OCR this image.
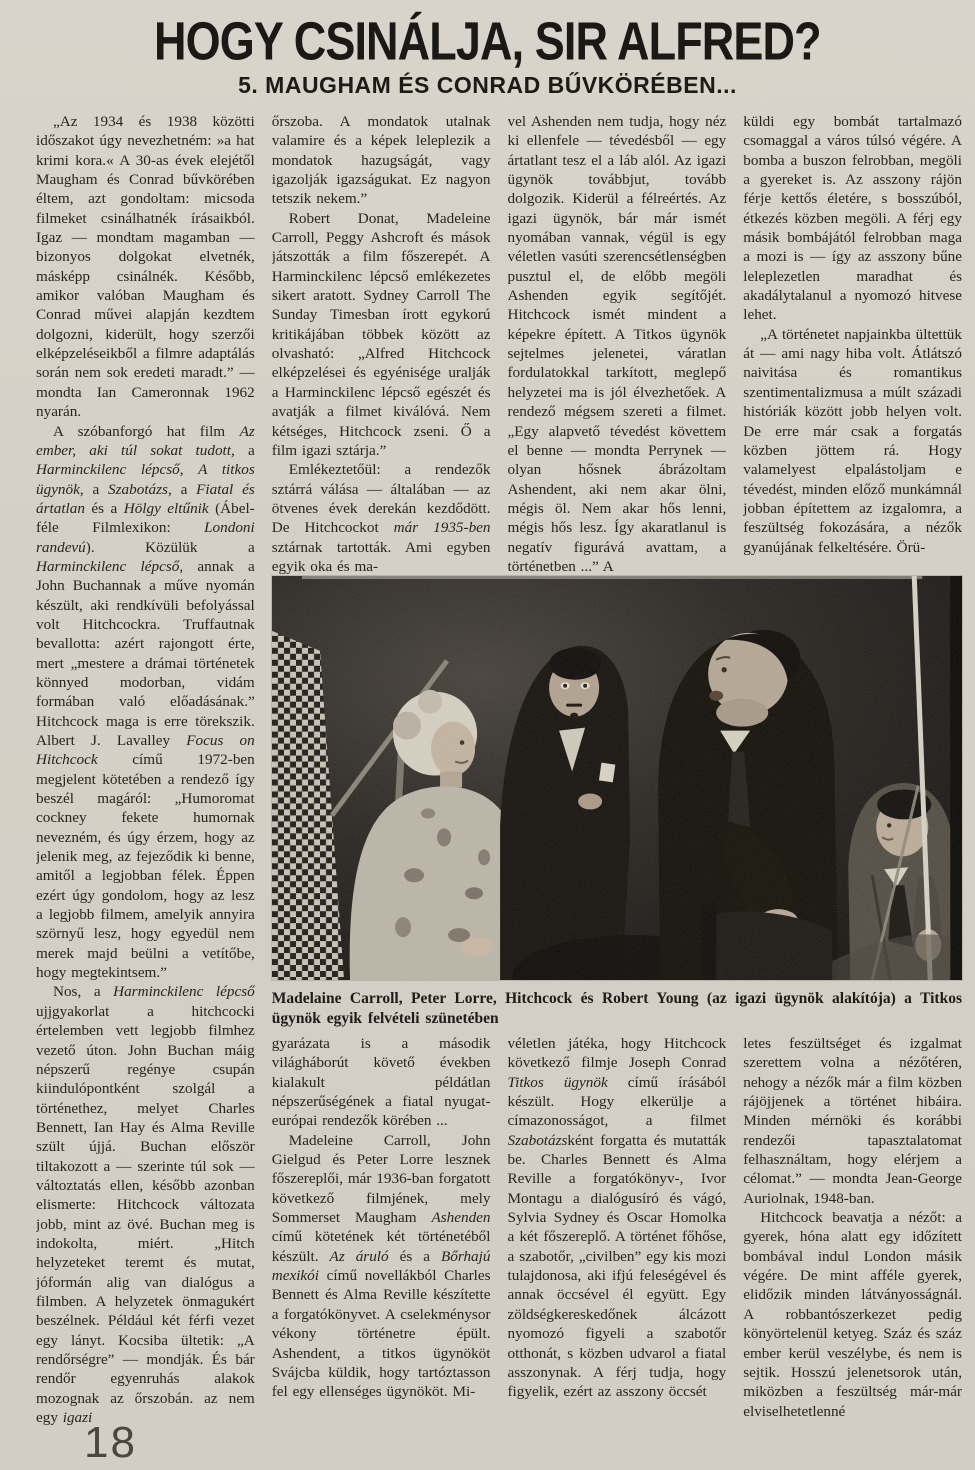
HOGY CSINÁLJA, SIR ALFRED?

5. MAUGHAM ÉS CONRAD BŰVKÖRÉBEN...

„Az 1934 és 1938 közötti időszakot úgy nevezhetném: »a hat krimi kora.« A 30-as évek elejétől Maugham és Conrad bűvkörében éltem, azt gondoltam: micsoda filmeket csinálhatnék írásaikból. Igaz — mondtam magamban — bizonyos dolgokat elvetnék, másképp csinálnék. Később, amikor valóban Maugham és Conrad művei alapján kezdtem dolgozni, kiderült, hogy szerzői elképzeléseikből a filmre adaptálás során nem sok eredeti maradt.” — mondta Ian Cameronnak 1962 nyarán.

A szóbanforgó hat film Az ember, aki túl sokat tudott, a Harminckilenc lépcső, A titkos ügynök, a Szabotázs, a Fiatal és ártatlan és a Hölgy eltűnik (Ábel-féle Filmlexikon: Londoni randevú). Közülük a Harminckilenc lépcső, annak a John Buchannak a műve nyomán készült, aki rendkívüli befolyással volt Hitchcockra. Truffautnak bevallotta: azért rajongott érte, mert „mestere a drámai történetek könnyed modorban, vidám formában való előadásának.” Hitchcock maga is erre törekszik. Albert J. Lavalley Focus on Hitchcock című 1972-ben megjelent kötetében a rendező így beszél magáról: „Humoromat cockney fekete humornak nevezném, és úgy érzem, hogy az jelenik meg, az fejeződik ki benne, amitől a legjobban félek. Éppen ezért úgy gondolom, hogy az lesz a legjobb filmem, amelyik annyira szörnyű lesz, hogy egyedül nem merek majd beülni a vetítőbe, hogy megtekintsem.”

Nos, a Harminckilenc lépcső ujjgyakorlat a hitchcocki értelemben vett legjobb filmhez vezető úton. John Buchan máig népszerű regénye csupán kiindulópontként szolgál a történethez, melyet Charles Bennett, Ian Hay és Alma Reville szült újjá. Buchan először tiltakozott a — szerinte túl sok — változtatás ellen, később azonban elismerte: Hitchcock változata jobb, mint az övé. Buchan meg is indokolta, miért. „Hitch helyzeteket teremt és mutat, jóformán alig van dialógus a filmben. A helyzetek önmagukért beszélnek. Például két férfi vezet egy lányt. Kocsiba ültetik: „A rendőrségre” — mondják. És bár rendőr egyenruhás alakok mozognak az őrszobán. az nem egy igazi

őrszoba. A mondatok utalnak valamire és a képek leleplezik a mondatok hazugságát, vagy igazolják igazságukat. Ez nagyon tetszik nekem.”

Robert Donat, Madeleine Carroll, Peggy Ashcroft és mások játszották a film főszerepét. A Harminckilenc lépcső emlékezetes sikert aratott. Sydney Carroll The Sunday Timesban írott egykorú kritikájában többek között az olvasható: „Alfred Hitchcock elképzelései és egyénisége uralják a Harminckilenc lépcső egészét és avatják a filmet kiválóvá. Nem kétséges, Hitchcock zseni. Ő a film igazi sztárja.”

Emlékeztetőül: a rendezők sztárrá válása — általában — az ötvenes évek derekán kezdődött. De Hitchcockot már 1935-ben sztárnak tartották. Ami egyben egyik oka és ma-

vel Ashenden nem tudja, hogy néz ki ellenfele — tévedésből — egy ártatlant tesz el a láb alól. Az igazi ügynök továbbjut, tovább dolgozik. Kiderül a félreértés. Az igazi ügynök, bár már ismét nyomában vannak, végül is egy véletlen vasúti szerencsétlenségben pusztul el, de előbb megöli Ashenden egyik segítőjét. Hitchcock ismét mindent a képekre épített. A Titkos ügynök sejtelmes jelenetei, váratlan fordulatokkal tarkított, meglepő helyzetei ma is jól élvezhetőek. A rendező mégsem szereti a filmet. „Egy alapvető tévedést követtem el benne — mondta Perrynek — olyan hősnek ábrázoltam Ashendent, aki nem akar ölni, mégis öl. Nem akar hős lenni, mégis hős lesz. Így akaratlanul is negatív figurává avattam, a történetben ...” A

küldi egy bombát tartalmazó csomaggal a város túlsó végére. A bomba a buszon felrobban, megöli a gyereket is. Az asszony rájön férje kettős életére, s bosszúból, étkezés közben megöli. A férj egy másik bombájától felrobban maga a mozi is — így az asszony bűne leleplezetlen maradhat és akadálytalanul a nyomozó hitvese lehet.

„A történetet napjainkba ültettük át — ami nagy hiba volt. Átlátszó naivitása és romantikus szentimentalizmusa a múlt századi históriák között jobb helyen volt. De erre már csak a forgatás közben jöttem rá. Hogy valamelyest elpalástoljam e tévedést, minden előző munkámnál jobban építettem az izgalomra, a feszültség fokozására, a nézők gyanújának felkeltésére. Örü-

Madelaine Carroll, Peter Lorre, Hitchcock és Robert Young (az igazi ügynök alakítója) a Titkos ügynök egyik felvételi szünetében

gyarázata is a második világháborút követő években kialakult példátlan népszerűségének a fiatal nyugat-európai rendezők körében ...

Madeleine Carroll, John Gielgud és Peter Lorre lesznek főszereplői, már 1936-ban forgatott következő filmjének, mely Sommerset Maugham Ashenden című kötetének két történetéből készült. Az áruló és a Bőrhajú mexikói című novellákból Charles Bennett és Alma Reville készítette a forgatókönyvet. A cselekménysor vékony történetre épült. Ashendent, a titkos ügynököt Svájcba küldik, hogy tartóztasson fel egy ellenséges ügynököt. Mi-

véletlen játéka, hogy Hitchcock következő filmje Joseph Conrad Titkos ügynök című írásából készült. Hogy elkerülje a címazonosságot, a filmet Szabotázsként forgatta és mutatták be. Charles Bennett és Alma Reville a forgatókönyv-, Ivor Montagu a dialógusíró és vágó, Sylvia Sydney és Oscar Homolka a két főszereplő. A történet főhőse, a szabotőr, „civilben” egy kis mozi tulajdonosa, aki ifjú feleségével és annak öccsével él együtt. Egy zöldségkereskedőnek álcázott nyomozó figyeli a szabotőr otthonát, s közben udvarol a fiatal asszonynak. A férj tudja, hogy figyelik, ezért az asszony öccsét

letes feszültséget és izgalmat szerettem volna a nézőtéren, nehogy a nézők már a film közben rájöjjenek a történet hibáira. Minden mérnöki és korábbi rendezői tapasztalatomat felhasználtam, hogy elérjem a célomat.” — mondta Jean-George Auriolnak, 1948-ban.

Hitchcock beavatja a nézőt: a gyerek, hóna alatt egy időzített bombával indul London másik végére. De mint afféle gyerek, elidőzik minden látványosságnál. A robbantószerkezet pedig könyörtelenül ketyeg. Száz és száz ember kerül veszélybe, és nem is sejtik. Hosszú jelenetsorok után, miközben a feszültség már-már elviselhetetlenné

18
